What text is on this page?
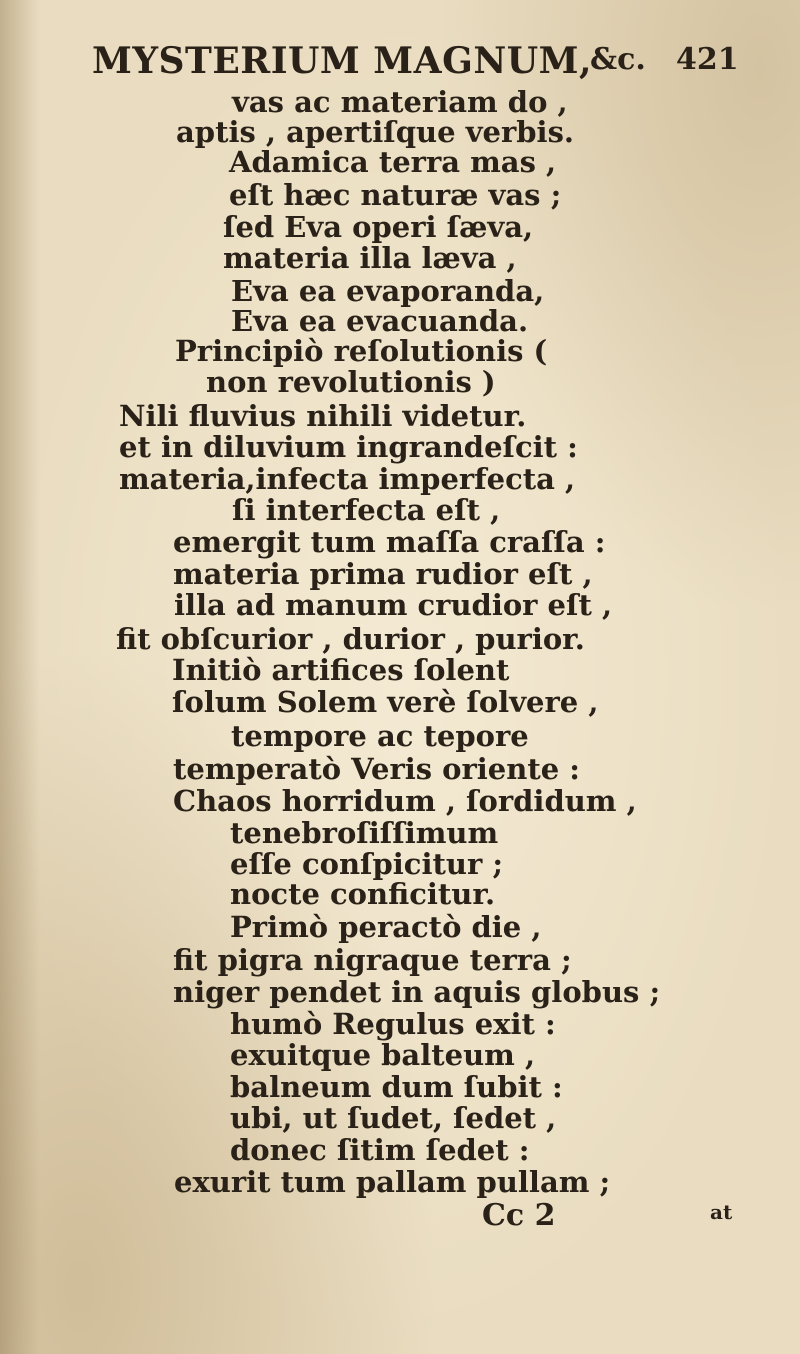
MYSTERIUM MAGNUM,
&c. 421
vas ac materiam do ,
aptis , apertiſque verbis.
Adamica terra mas ,
eſt hæc naturæ vas ;
ſed Eva operi ſæva,
materia illa læva ,
Eva ea evaporanda,
Eva ea evacuanda.
Principiò reſolutionis (
non revolutionis )
Nili fluvius nihili videtur.
et in diluvium ingrandeſcit :
materia,infecta imperfecta ,
ſi interfecta eſt ,
emergit tum maſſa craſſa :
materia prima rudior eſt ,
illa ad manum crudior eſt ,
fit obſcurior , durior , purior.
Initiò artifices ſolent
ſolum Solem verè ſolvere ,
tempore ac tepore
temperatò Veris oriente :
Chaos horridum , ſordidum ,
tenebroſiſſimum
eſſe conſpicitur ;
nocte conficitur.
Primò peractò die ,
fit pigra nigraque terra ;
niger pendet in aquis globus ;
humò Regulus exit :
exuitque balteum ,
balneum dum ſubit :
ubi, ut ſudet, ſedet ,
donec ſitim ſedet :
exurit tum pallam pullam ;
Cc 2	at
